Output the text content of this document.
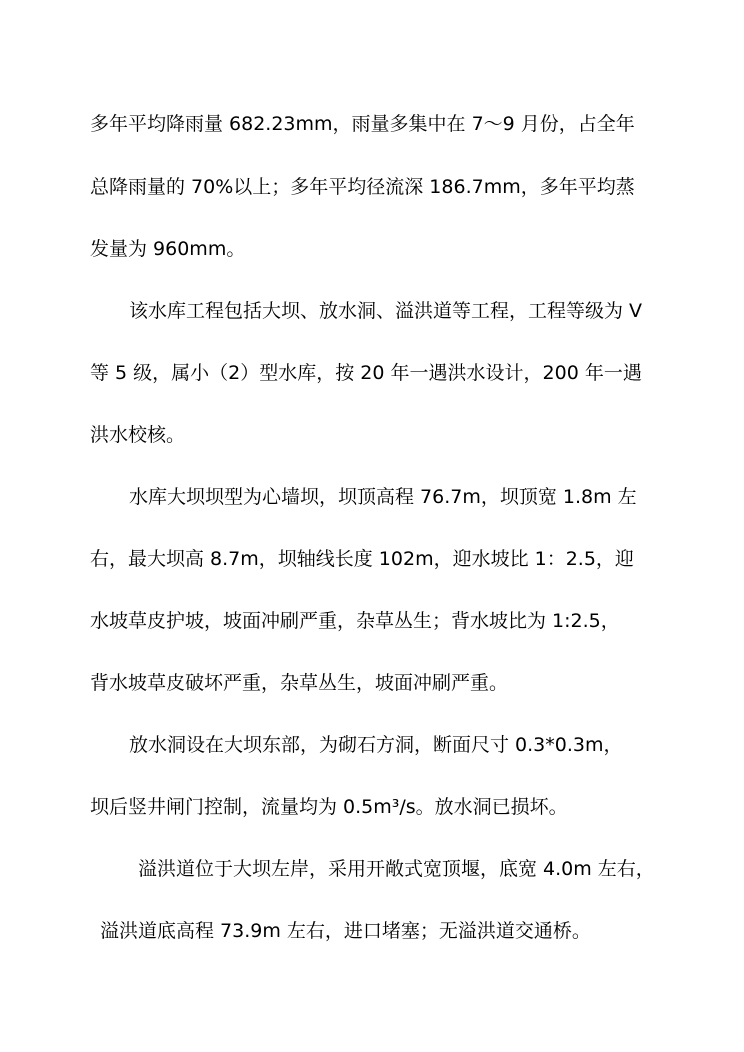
多年平均降雨量 682.23mm，雨量多集中在 7～9 月份，占全年
总降雨量的 70%以上；多年平均径流深 186.7mm，多年平均蒸
发量为 960mm。
该水库工程包括大坝、放水洞、溢洪道等工程，工程等级为 V
等 5 级，属小（2）型水库，按 20 年一遇洪水设计，200 年一遇
洪水校核。
水库大坝坝型为心墙坝，坝顶高程 76.7m，坝顶宽 1.8m 左
右，最大坝高 8.7m，坝轴线长度 102m，迎水坡比 1：2.5，迎
水坡草皮护坡，坡面冲刷严重，杂草丛生；背水坡比为 1:2.5，
背水坡草皮破坏严重，杂草丛生，坡面冲刷严重。
放水洞设在大坝东部，为砌石方洞，断面尺寸 0.3*0.3m，
坝后竖井闸门控制，流量均为 0.5m³/s。放水洞已损坏。
溢洪道位于大坝左岸，采用开敞式宽顶堰，底宽 4.0m 左右，
溢洪道底高程 73.9m 左右，进口堵塞；无溢洪道交通桥。
